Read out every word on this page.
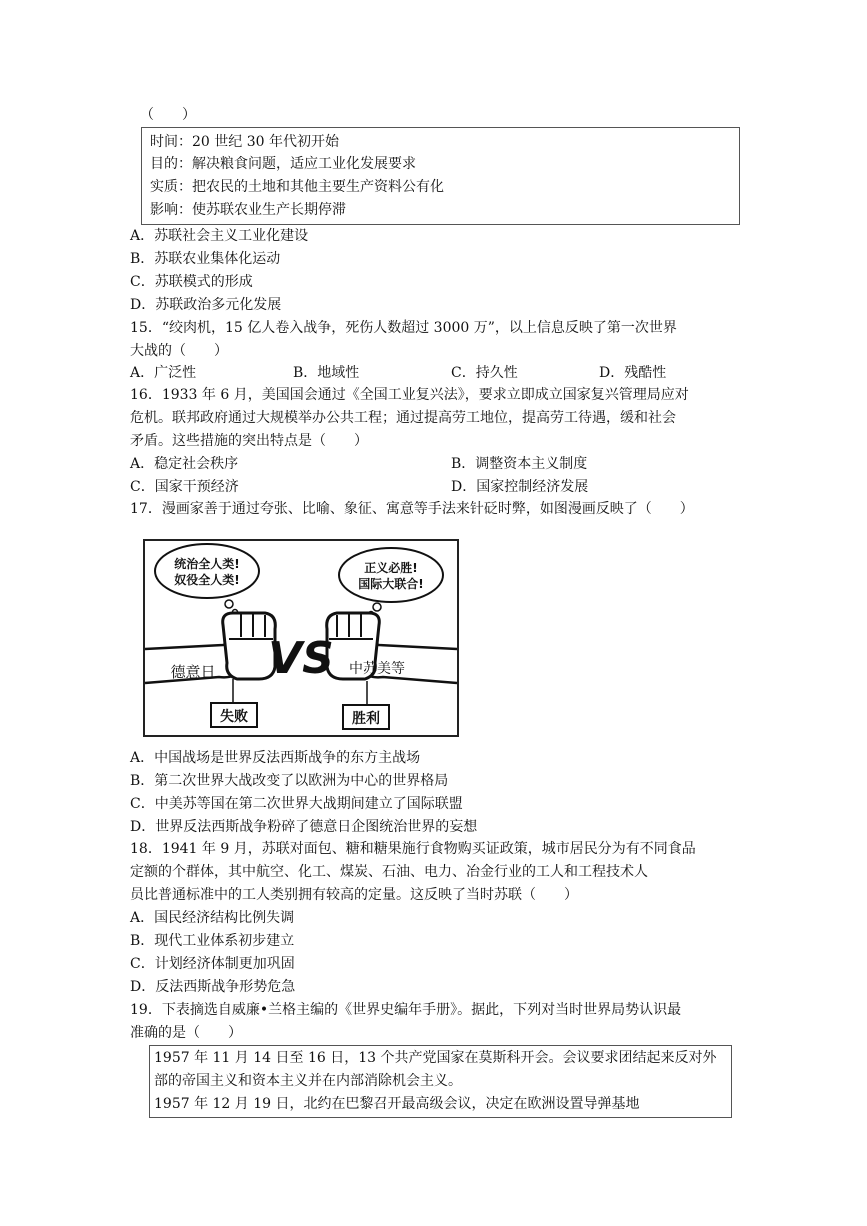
（　　）
时间：20 世纪 30 年代初开始
目的：解决粮食问题，适应工业化发展要求
实质：把农民的土地和其他主要生产资料公有化
影响：使苏联农业生产长期停滞
A．苏联社会主义工业化建设
B．苏联农业集体化运动
C．苏联模式的形成
D．苏联政治多元化发展
15．“绞肉机，15 亿人卷入战争，死伤人数超过 3000 万”，以上信息反映了第一次世界
大战的（　　）
A．广泛性	B．地域性	C．持久性	D．残酷性
16．1933 年 6 月，美国国会通过《全国工业复兴法》，要求立即成立国家复兴管理局应对
危机。联邦政府通过大规模举办公共工程；通过提高劳工地位，提高劳工待遇，缓和社会
矛盾。这些措施的突出特点是（　　）
A．稳定社会秩序	B．调整资本主义制度
C．国家干预经济	D．国家控制经济发展
17．漫画家善于通过夸张、比喻、象征、寓意等手法来针砭时弊，如图漫画反映了（　　）
统治全人类!
奴役全人类!
正义必胜!
国际大联合!
VS
德意日	中苏美等
失败	胜利
A．中国战场是世界反法西斯战争的东方主战场
B．第二次世界大战改变了以欧洲为中心的世界格局
C．中美苏等国在第二次世界大战期间建立了国际联盟
D．世界反法西斯战争粉碎了德意日企图统治世界的妄想
18．1941 年 9 月，苏联对面包、糖和糖果施行食物购买证政策，城市居民分为有不同食品
定额的个群体，其中航空、化工、煤炭、石油、电力、冶金行业的工人和工程技术人
员比普通标准中的工人类别拥有较高的定量。这反映了当时苏联（　　）
A．国民经济结构比例失调
B．现代工业体系初步建立
C．计划经济体制更加巩固
D．反法西斯战争形势危急
19．下表摘选自威廉•兰格主编的《世界史编年手册》。据此，下列对当时世界局势认识最
准确的是（　　）
1957 年 11 月 14 日至 16 日，13 个共产党国家在莫斯科开会。会议要求团结起来反对外
部的帝国主义和资本主义并在内部消除机会主义。
1957 年 12 月 19 日，北约在巴黎召开最高级会议，决定在欧洲设置导弹基地
